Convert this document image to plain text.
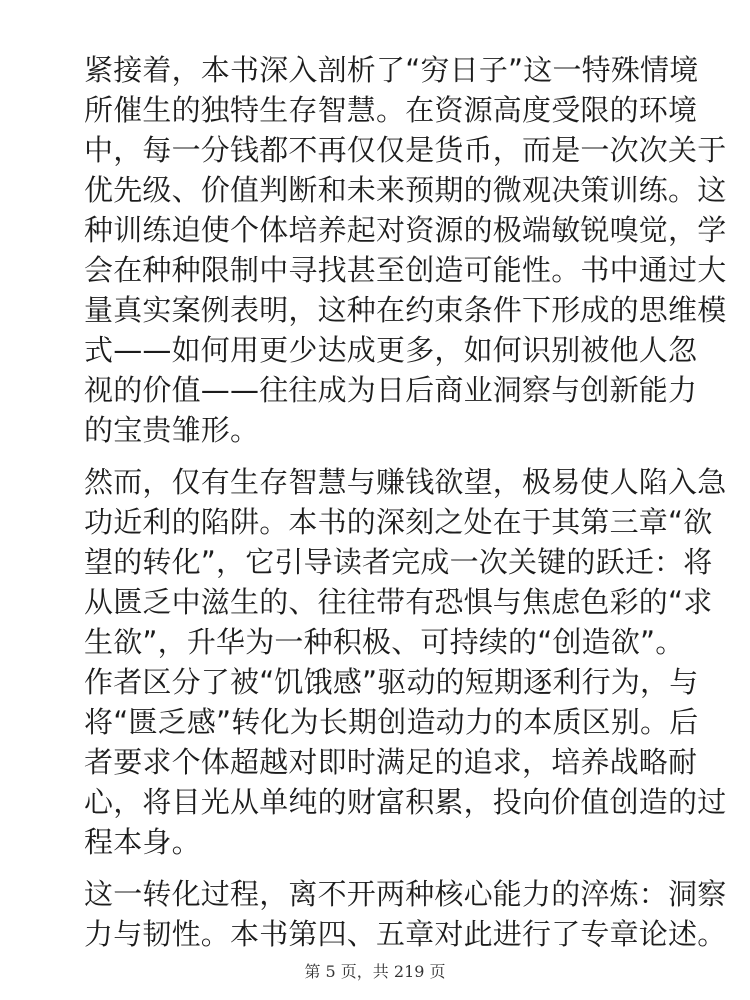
紧接着，本书深入剖析了“穷日子”这一特殊情境
所催生的独特生存智慧。在资源高度受限的环境
中，每一分钱都不再仅仅是货币，而是一次次关于
优先级、价值判断和未来预期的微观决策训练。这
种训练迫使个体培养起对资源的极端敏锐嗅觉，学
会在种种限制中寻找甚至创造可能性。书中通过大
量真实案例表明，这种在约束条件下形成的思维模
式——如何用更少达成更多，如何识别被他人忽
视的价值——往往成为日后商业洞察与创新能力
的宝贵雏形。

然而，仅有生存智慧与赚钱欲望，极易使人陷入急
功近利的陷阱。本书的深刻之处在于其第三章“欲
望的转化”，它引导读者完成一次关键的跃迁：将
从匮乏中滋生的、往往带有恐惧与焦虑色彩的“求
生欲”，升华为一种积极、可持续的“创造欲”。
作者区分了被“饥饿感”驱动的短期逐利行为，与
将“匮乏感”转化为长期创造动力的本质区别。后
者要求个体超越对即时满足的追求，培养战略耐
心，将目光从单纯的财富积累，投向价值创造的过
程本身。

这一转化过程，离不开两种核心能力的淬炼：洞察
力与韧性。本书第四、五章对此进行了专章论述。

第 5 页，共 219 页
